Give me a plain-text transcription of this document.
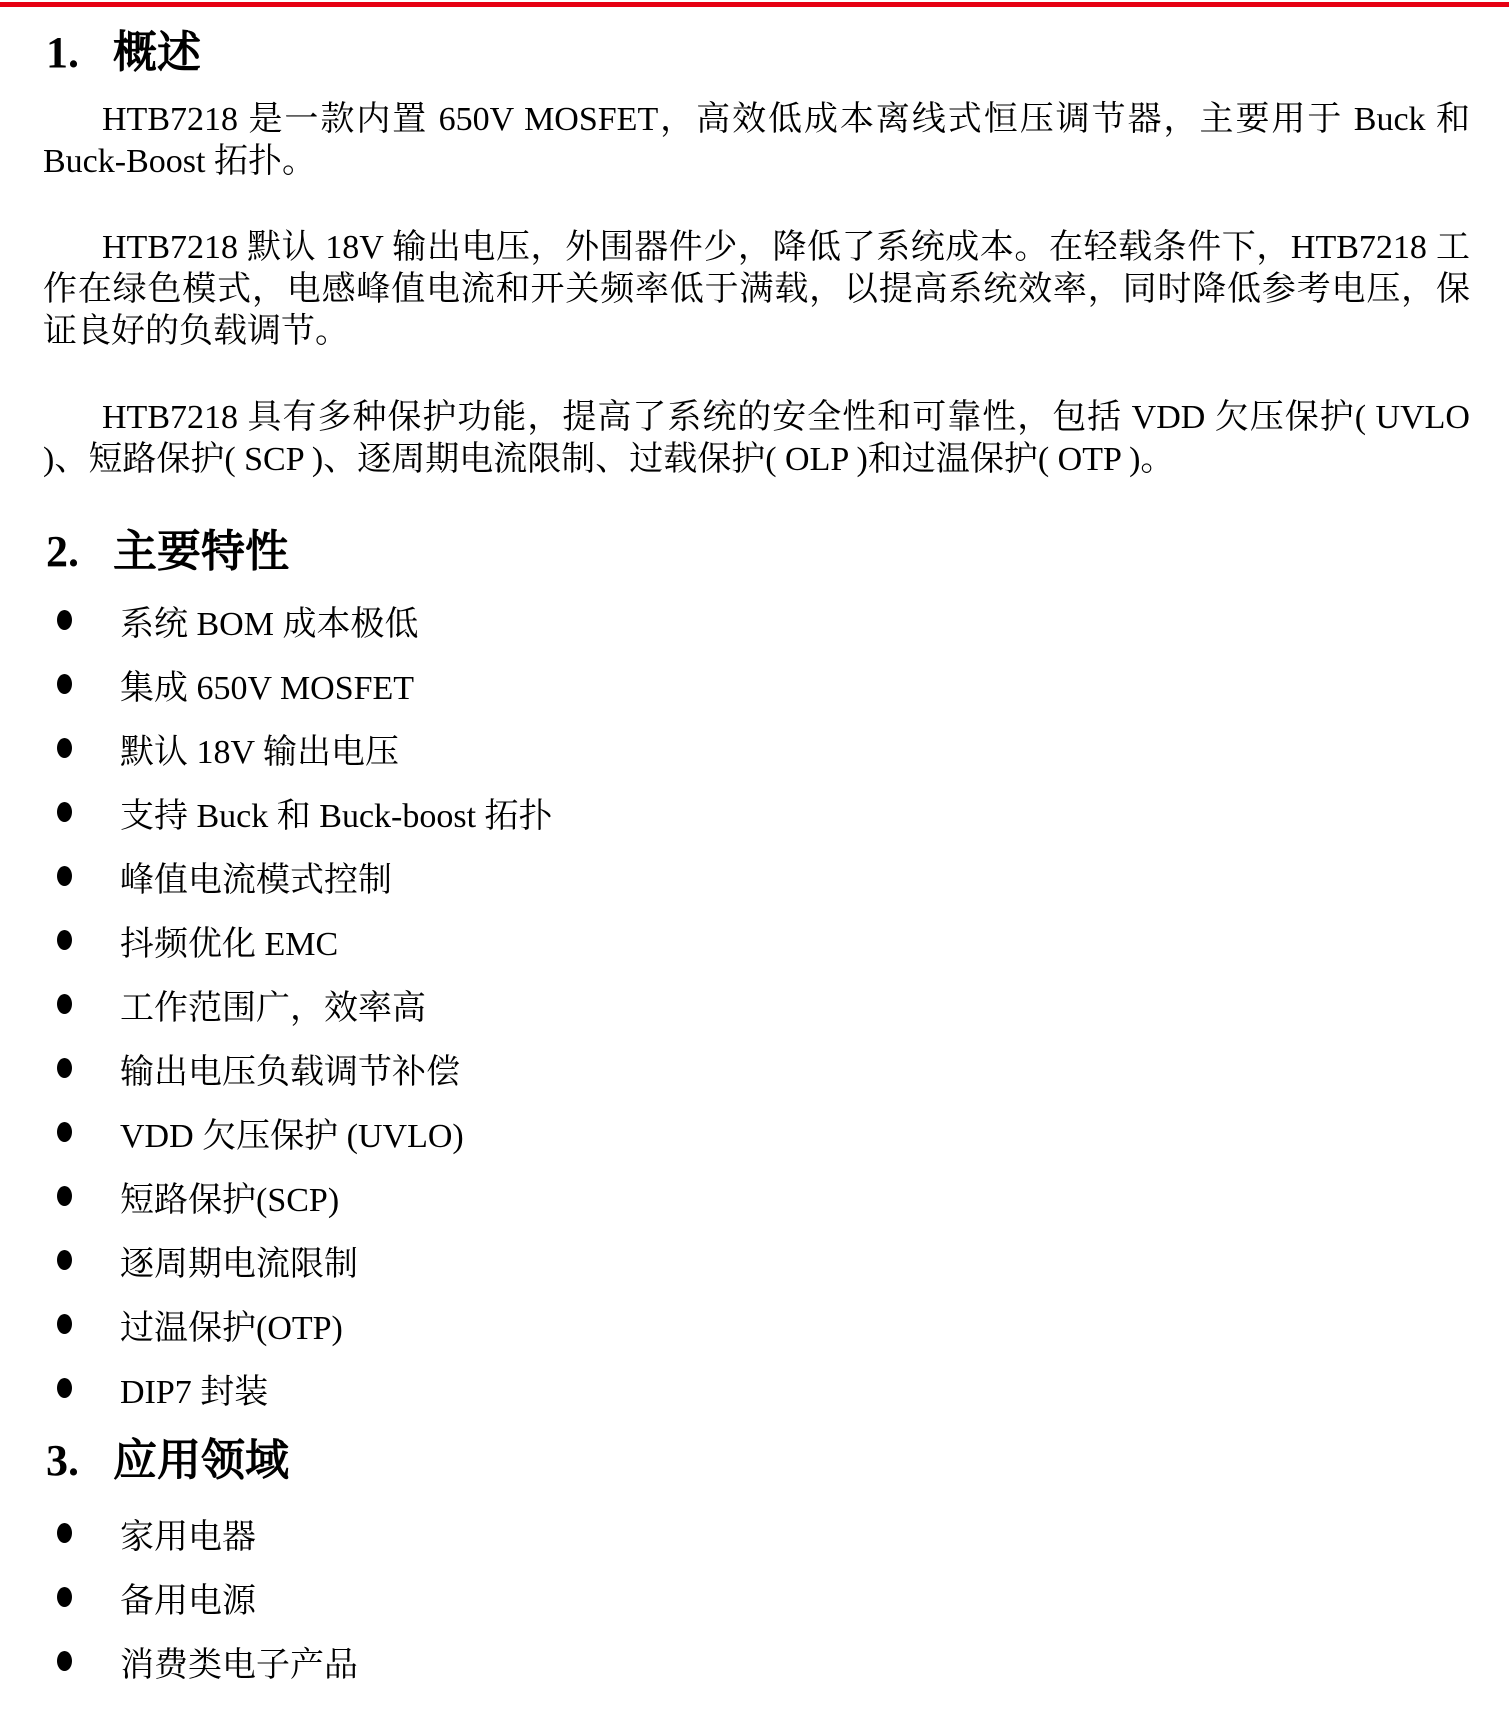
1. 概述

HTB7218 是一款内置 650V MOSFET，高效低成本离线式恒压调节器，主要用于 Buck 和 Buck-Boost 拓扑。

HTB7218 默认 18V 输出电压，外围器件少，降低了系统成本。在轻载条件下，HTB7218 工作在绿色模式，电感峰值电流和开关频率低于满载，以提高系统效率，同时降低参考电压，保证良好的负载调节。

HTB7218 具有多种保护功能，提高了系统的安全性和可靠性，包括 VDD 欠压保护( UVLO )、短路保护( SCP )、逐周期电流限制、过载保护( OLP )和过温保护( OTP )。

2. 主要特性
系统 BOM 成本极低
集成 650V MOSFET
默认 18V 输出电压
支持 Buck 和 Buck-boost 拓扑
峰值电流模式控制
抖频优化 EMC
工作范围广，效率高
输出电压负载调节补偿
VDD 欠压保护 (UVLO)
短路保护(SCP)
逐周期电流限制
过温保护(OTP)
DIP7 封装
3. 应用领域
家用电器
备用电源
消费类电子产品
